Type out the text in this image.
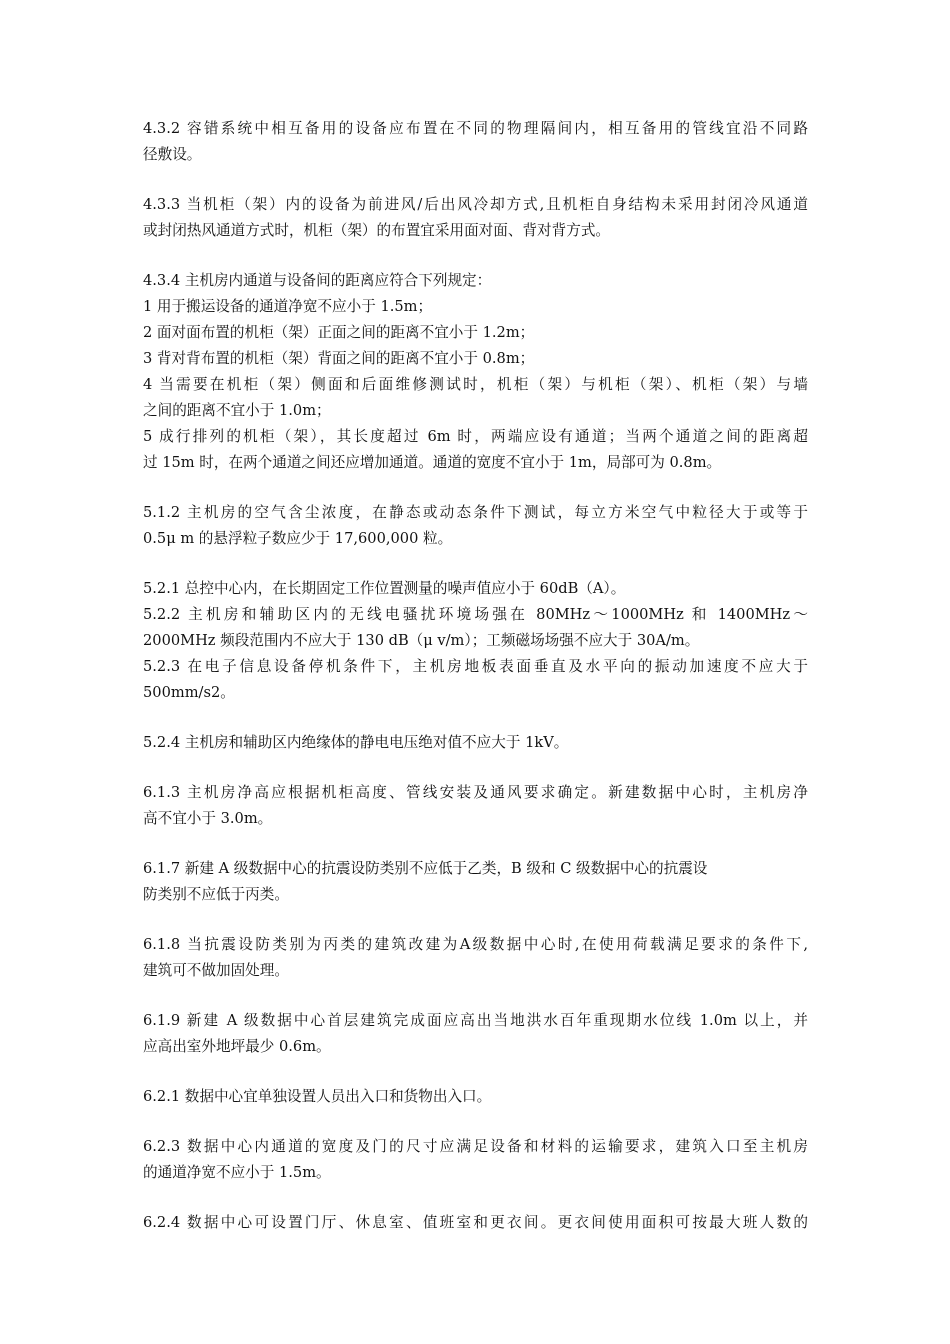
4.3.2 容错系统中相互备用的设备应布置在不同的物理隔间内，相互备用的管线宜沿不同路
径敷设。

4.3.3 当机柜（架）内的设备为前进风/后出风冷却方式,且机柜自身结构未采用封闭冷风通道
或封闭热风通道方式时，机柜（架）的布置宜采用面对面、背对背方式。

4.3.4 主机房内通道与设备间的距离应符合下列规定：
1 用于搬运设备的通道净宽不应小于 1.5m；
2 面对面布置的机柜（架）正面之间的距离不宜小于 1.2m；
3 背对背布置的机柜（架）背面之间的距离不宜小于 0.8m；
4 当需要在机柜（架）侧面和后面维修测试时，机柜（架）与机柜（架）、机柜（架）与墙
之间的距离不宜小于 1.0m；
5 成行排列的机柜（架），其长度超过 6m 时，两端应设有通道；当两个通道之间的距离超
过 15m 时，在两个通道之间还应增加通道。通道的宽度不宜小于 1m，局部可为 0.8m。

5.1.2 主机房的空气含尘浓度，在静态或动态条件下测试，每立方米空气中粒径大于或等于
0.5μ m 的悬浮粒子数应少于 17,600,000 粒。

5.2.1 总控中心内，在长期固定工作位置测量的噪声值应小于 60dB（A）。
5.2.2 主机房和辅助区内的无线电骚扰环境场强在 80MHz～1000MHz 和 1400MHz～
2000MHz 频段范围内不应大于 130 dB（μ v/m）；工频磁场场强不应大于 30A/m。
5.2.3 在电子信息设备停机条件下，主机房地板表面垂直及水平向的振动加速度不应大于
500mm/s2。

5.2.4 主机房和辅助区内绝缘体的静电电压绝对值不应大于 1kV。

6.1.3 主机房净高应根据机柜高度、管线安装及通风要求确定。新建数据中心时，主机房净
高不宜小于 3.0m。

6.1.7 新建 A 级数据中心的抗震设防类别不应低于乙类，B 级和 C 级数据中心的抗震设
防类别不应低于丙类。

6.1.8 当抗震设防类别为丙类的建筑改建为A级数据中心时,在使用荷载满足要求的条件下,
建筑可不做加固处理。

6.1.9 新建 A 级数据中心首层建筑完成面应高出当地洪水百年重现期水位线 1.0m 以上，并
应高出室外地坪最少 0.6m。

6.2.1 数据中心宜单独设置人员出入口和货物出入口。

6.2.3 数据中心内通道的宽度及门的尺寸应满足设备和材料的运输要求，建筑入口至主机房
的通道净宽不应小于 1.5m。

6.2.4 数据中心可设置门厅、休息室、值班室和更衣间。更衣间使用面积可按最大班人数的
